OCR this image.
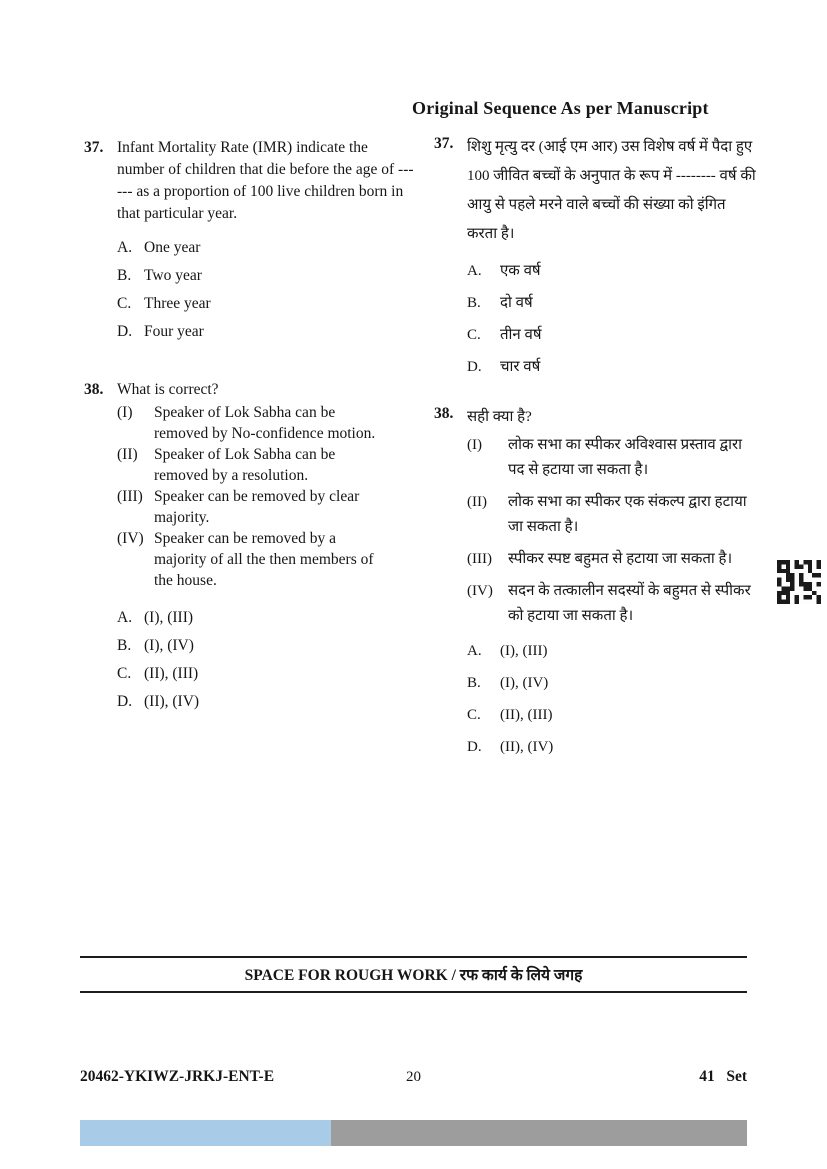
Original Sequence As per Manuscript
37. Infant Mortality Rate (IMR) indicate the number of children that die before the age of ------ as a proportion of 100 live children born in that particular year.
A. One year
B. Two year
C. Three year
D. Four year
38. What is correct?
(I)	Speaker of Lok Sabha can be removed by No-confidence motion.
(II)	Speaker of Lok Sabha can be removed by a resolution.
(III) Speaker can be removed by clear majority.
(IV) Speaker can be removed by a majority of all the then members of the house.
A. (I), (III)
B. (I), (IV)
C. (II), (III)
D. (II), (IV)
37. शिशु मृत्यु दर (आई एम आर) उस विशेष वर्ष में पैदा हुए 100 जीवित बच्चों के अनुपात के रूप में -------- वर्ष की आयु से पहले मरने वाले बच्चों की संख्या को इंगित करता है।
A.	एक वर्ष
B.	दो वर्ष
C.	तीन वर्ष
D.	चार वर्ष
38. सही क्या है?
(I)	लोक सभा का स्पीकर अविश्वास प्रस्ताव द्वारा पद से हटाया जा सकता है।
(II)	लोक सभा का स्पीकर एक संकल्प द्वारा हटाया जा सकता है।
(III)	स्पीकर स्पष्ट बहुमत से हटाया जा सकता है।
(IV)	सदन के तत्कालीन सदस्यों के बहुमत से स्पीकर को हटाया जा सकता है।
A.	(I), (III)
B.	(I), (IV)
C.	(II), (III)
D.	(II), (IV)
SPACE FOR ROUGH WORK / रफ कार्य के लिये जगह
20462-YKIWZ-JRKJ-ENT-E	20	41   Set
